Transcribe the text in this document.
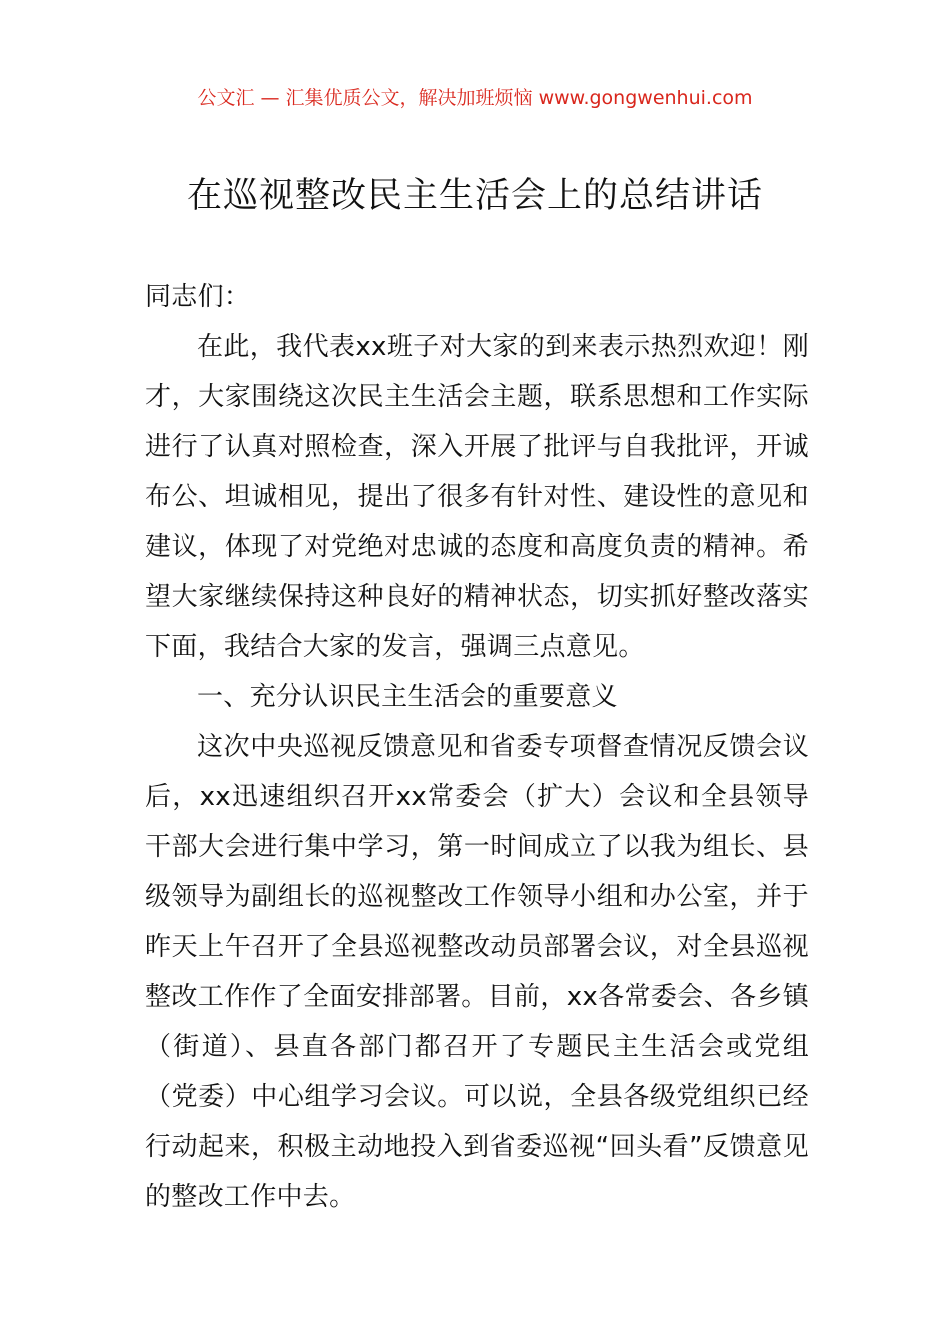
公文汇 — 汇集优质公文，解决加班烦恼 www.gongwenhui.com
在巡视整改民主生活会上的总结讲话
同志们：

在此，我代表xx班子对大家的到来表示热烈欢迎！刚才，大家围绕这次民主生活会主题，联系思想和工作实际进行了认真对照检查，深入开展了批评与自我批评，开诚布公、坦诚相见，提出了很多有针对性、建设性的意见和建议，体现了对党绝对忠诚的态度和高度负责的精神。希望大家继续保持这种良好的精神状态，切实抓好整改落实下面，我结合大家的发言，强调三点意见。

一、充分认识民主生活会的重要意义

这次中央巡视反馈意见和省委专项督查情况反馈会议后，xx迅速组织召开xx常委会（扩大）会议和全县领导干部大会进行集中学习，第一时间成立了以我为组长、县级领导为副组长的巡视整改工作领导小组和办公室，并于昨天上午召开了全县巡视整改动员部署会议，对全县巡视整改工作作了全面安排部署。目前，xx各常委会、各乡镇（街道）、县直各部门都召开了专题民主生活会或党组（党委）中心组学习会议。可以说，全县各级党组织已经行动起来，积极主动地投入到省委巡视“回头看”反馈意见的整改工作中去。
